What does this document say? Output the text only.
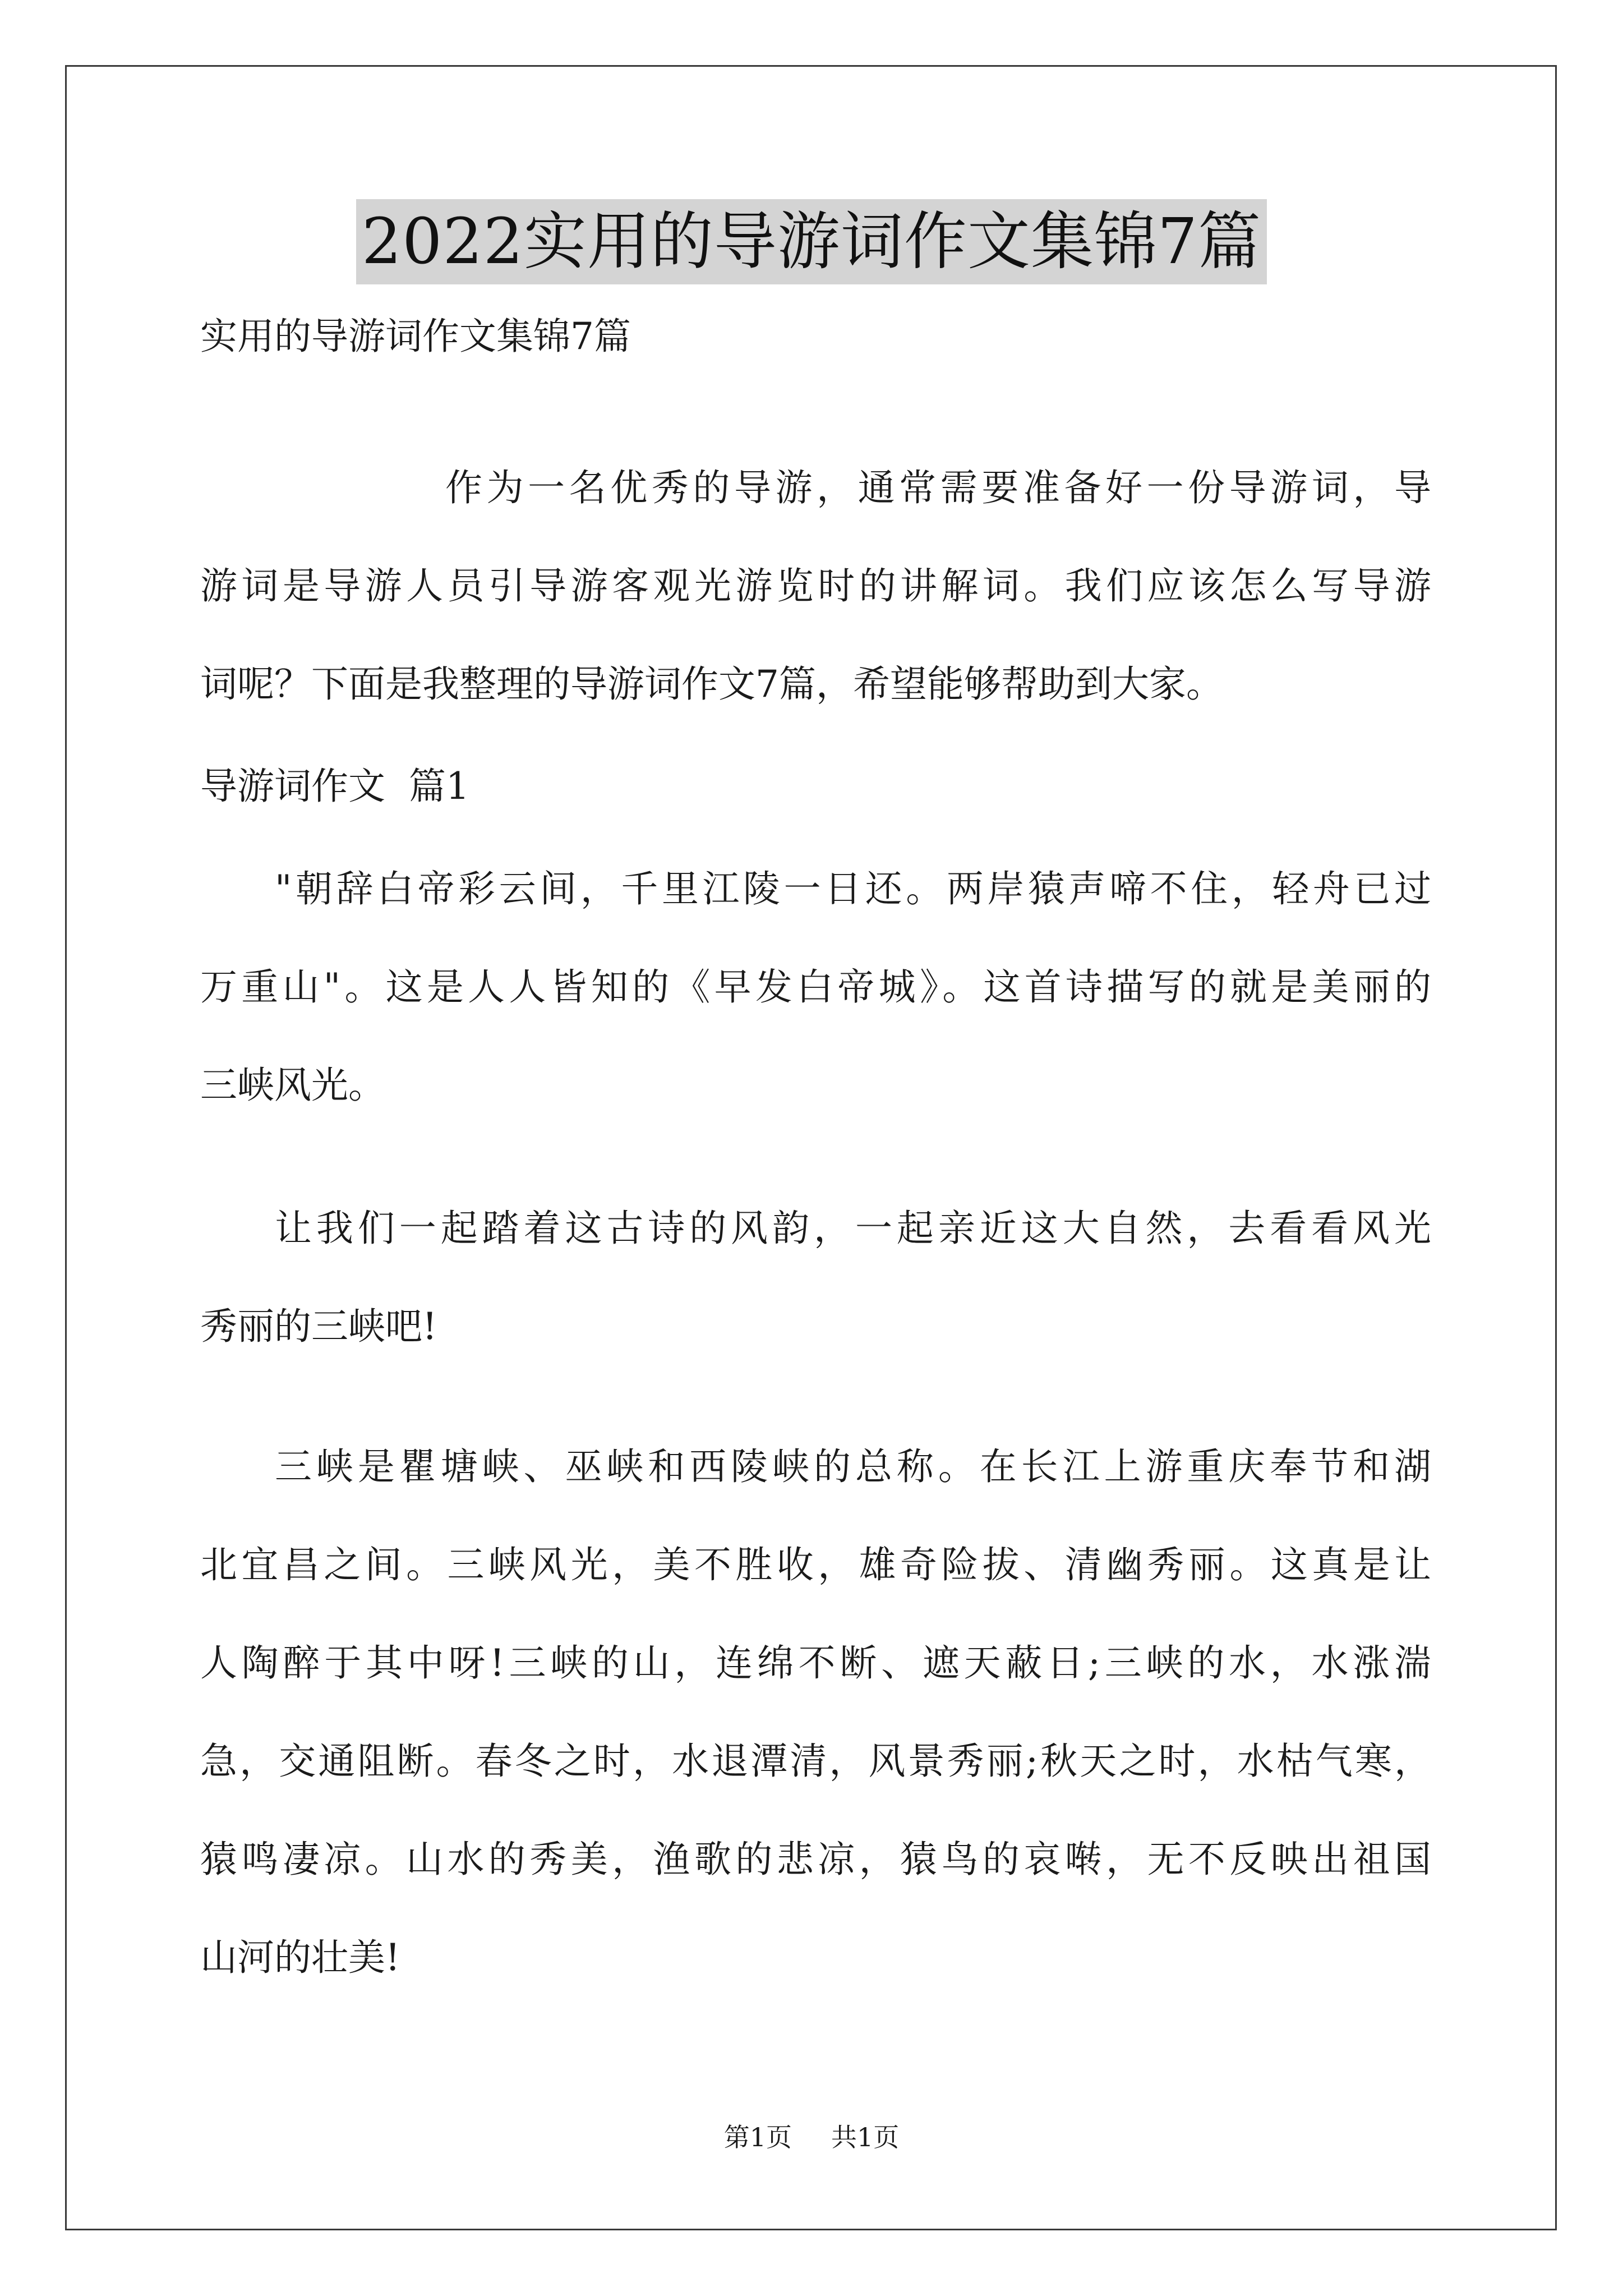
2022实用的导游词作文集锦7篇
实用的导游词作文集锦7篇
作为一名优秀的导游，通常需要准备好一份导游词，导
游词是导游人员引导游客观光游览时的讲解词。我们应该怎么写导游
词呢？下面是我整理的导游词作文7篇，希望能够帮助到大家。
导游词作文  篇1
"朝辞白帝彩云间，千里江陵一日还。两岸猿声啼不住，轻舟已过
万重山"。这是人人皆知的《早发白帝城》。这首诗描写的就是美丽的
三峡风光。
让我们一起踏着这古诗的风韵，一起亲近这大自然，去看看风光
秀丽的三峡吧!
三峡是瞿塘峡、巫峡和西陵峡的总称。在长江上游重庆奉节和湖
北宜昌之间。三峡风光，美不胜收，雄奇险拔、清幽秀丽。这真是让
人陶醉于其中呀!三峡的山，连绵不断、遮天蔽日;三峡的水，水涨湍
急，交通阻断。春冬之时，水退潭清，风景秀丽;秋天之时，水枯气寒，
猿鸣凄凉。山水的秀美，渔歌的悲凉，猿鸟的哀啭，无不反映出祖国
山河的壮美!
第1页 共1页
